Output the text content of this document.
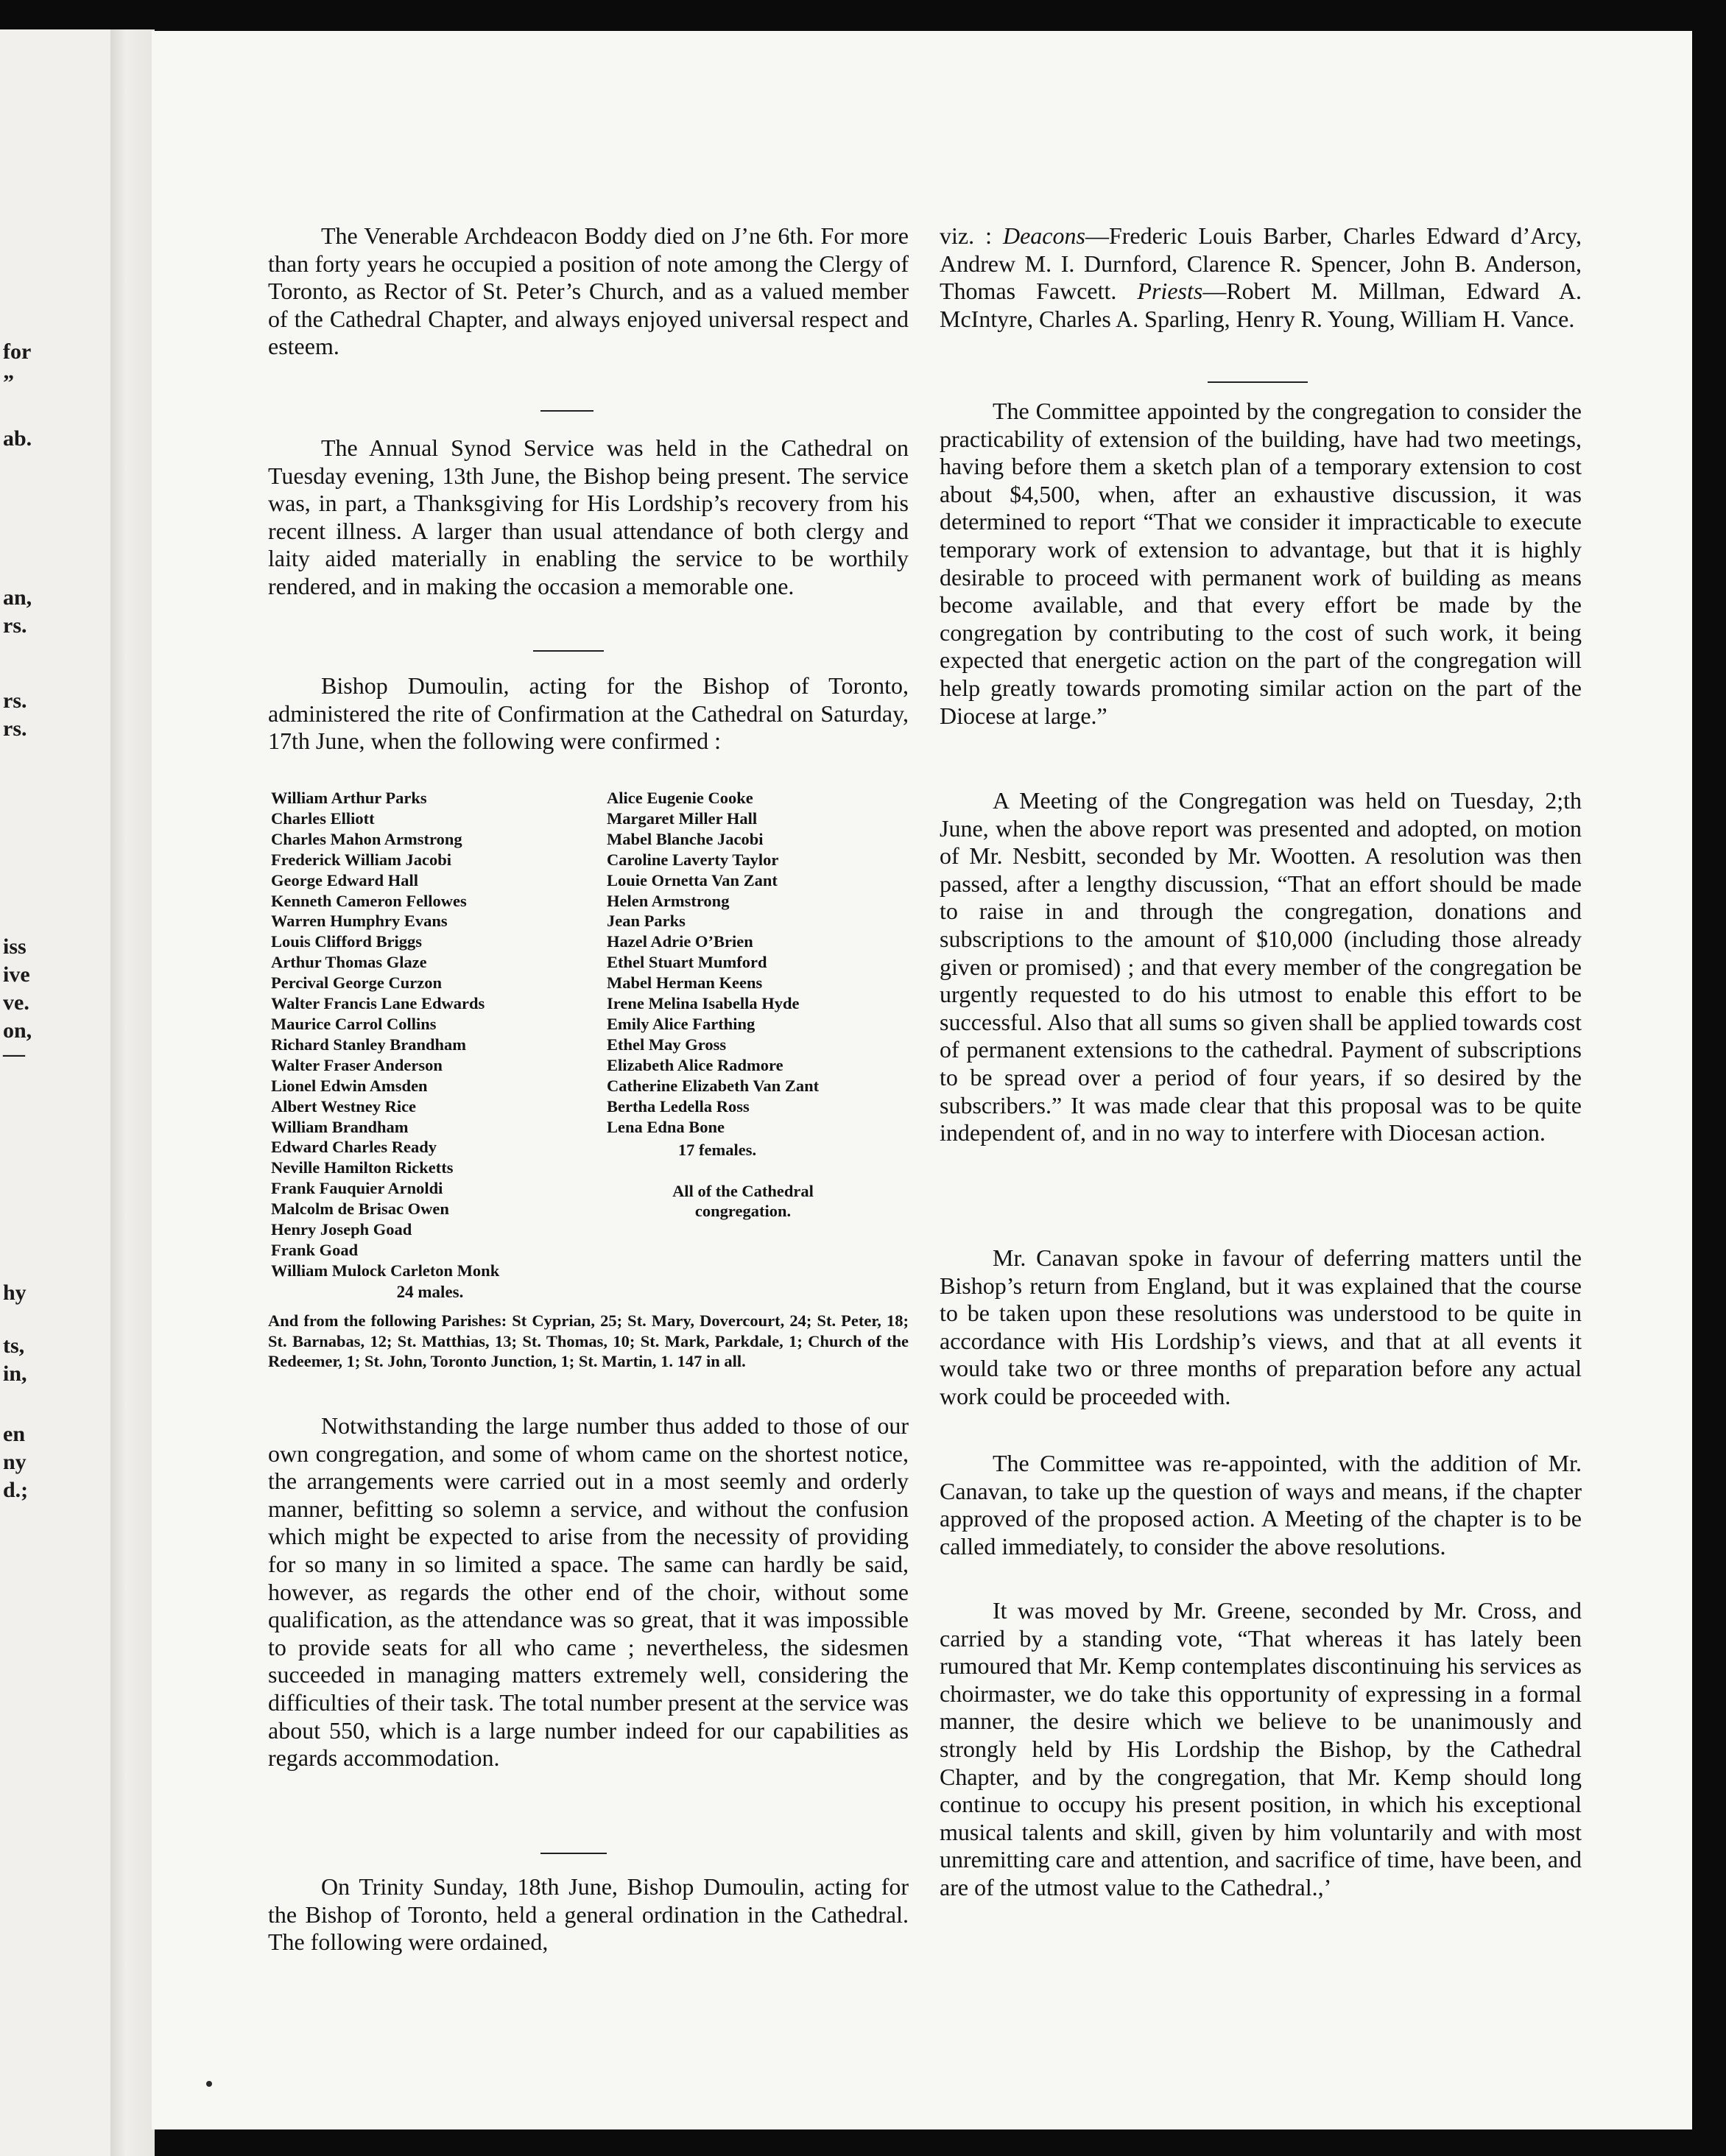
for
”
ab.
an,
rs.
rs.
rs.
iss
ive
ve.
on,
—
hy
ts,
in,
en
ny
d.;

The Venerable Archdeacon Boddy died on J’ne 6th. For more than forty years he occupied a position of note among the Clergy of Toronto, as Rector of St. Peter’s Church, and as a valued member of the Cathedral Chapter, and always enjoyed universal respect and esteem.

The Annual Synod Service was held in the Cathedral on Tuesday evening, 13th June, the Bishop being present. The service was, in part, a Thanksgiving for His Lordship’s recovery from his recent illness. A larger than usual attendance of both clergy and laity aided materially in enabling the service to be worthily rendered, and in making the occasion a memorable one.

Bishop Dumoulin, acting for the Bishop of Toronto, administered the rite of Confirmation at the Cathedral on Saturday, 17th June, when the following were confirmed :

William Arthur Parks
Charles Elliott
Charles Mahon Armstrong
Frederick William Jacobi
George Edward Hall
Kenneth Cameron Fellowes
Warren Humphry Evans
Louis Clifford Briggs
Arthur Thomas Glaze
Percival George Curzon
Walter Francis Lane Edwards
Maurice Carrol Collins
Richard Stanley Brandham
Walter Fraser Anderson
Lionel Edwin Amsden
Albert Westney Rice
William Brandham
Edward Charles Ready
Neville Hamilton Ricketts
Frank Fauquier Arnoldi
Malcolm de Brisac Owen
Henry Joseph Goad
Frank Goad
William Mulock Carleton Monk
24 males.
Alice Eugenie Cooke
Margaret Miller Hall
Mabel Blanche Jacobi
Caroline Laverty Taylor
Louie Ornetta Van Zant
Helen Armstrong
Jean Parks
Hazel Adrie O’Brien
Ethel Stuart Mumford
Mabel Herman Keens
Irene Melina Isabella Hyde
Emily Alice Farthing
Ethel May Gross
Elizabeth Alice Radmore
Catherine Elizabeth Van Zant
Bertha Ledella Ross
Lena Edna Bone
17 females.
All of the Cathedral congregation.

And from the following Parishes: St Cyprian, 25; St. Mary, Dovercourt, 24; St. Peter, 18; St. Barnabas, 12; St. Matthias, 13; St. Thomas, 10; St. Mark, Parkdale, 1; Church of the Redeemer, 1; St. John, Toronto Junction, 1; St. Martin, 1. 147 in all.

Notwithstanding the large number thus added to those of our own congregation, and some of whom came on the shortest notice, the arrangements were carried out in a most seemly and orderly manner, befitting so solemn a service, and without the confusion which might be expected to arise from the necessity of providing for so many in so limited a space. The same can hardly be said, however, as regards the other end of the choir, without some qualification, as the attendance was so great, that it was impossible to provide seats for all who came ; nevertheless, the sidesmen succeeded in managing matters extremely well, considering the difficulties of their task. The total number present at the service was about 550, which is a large number indeed for our capabilities as regards accommodation.

On Trinity Sunday, 18th June, Bishop Dumoulin, acting for the Bishop of Toronto, held a general ordination in the Cathedral. The following were ordained,

viz. : Deacons—Frederic Louis Barber, Charles Edward d’Arcy, Andrew M. I. Durnford, Clarence R. Spencer, John B. Anderson, Thomas Fawcett. Priests—Robert M. Millman, Edward A. McIntyre, Charles A. Sparling, Henry R. Young, William H. Vance.

The Committee appointed by the congregation to consider the practicability of extension of the building, have had two meetings, having before them a sketch plan of a temporary extension to cost about $4,500, when, after an exhaustive discussion, it was determined to report “That we consider it impracticable to execute temporary work of extension to advantage, but that it is highly desirable to proceed with permanent work of building as means become available, and that every effort be made by the congregation by contributing to the cost of such work, it being expected that energetic action on the part of the congregation will help greatly towards promoting similar action on the part of the Diocese at large.”

A Meeting of the Congregation was held on Tuesday, 2;th June, when the above report was presented and adopted, on motion of Mr. Nesbitt, seconded by Mr. Wootten. A resolution was then passed, after a lengthy discussion, “That an effort should be made to raise in and through the congregation, donations and subscriptions to the amount of $10,000 (including those already given or promised) ; and that every member of the congregation be urgently requested to do his utmost to enable this effort to be successful. Also that all sums so given shall be applied towards cost of permanent extensions to the cathedral. Payment of subscriptions to be spread over a period of four years, if so desired by the subscribers.” It was made clear that this proposal was to be quite independent of, and in no way to interfere with Diocesan action.

Mr. Canavan spoke in favour of deferring matters until the Bishop’s return from England, but it was explained that the course to be taken upon these resolutions was understood to be quite in accordance with His Lordship’s views, and that at all events it would take two or three months of preparation before any actual work could be proceeded with.

The Committee was re-appointed, with the addition of Mr. Canavan, to take up the question of ways and means, if the chapter approved of the proposed action. A Meeting of the chapter is to be called immediately, to consider the above resolutions.

It was moved by Mr. Greene, seconded by Mr. Cross, and carried by a standing vote, “That whereas it has lately been rumoured that Mr. Kemp contemplates discontinuing his services as choirmaster, we do take this opportunity of expressing in a formal manner, the desire which we believe to be unanimously and strongly held by His Lordship the Bishop, by the Cathedral Chapter, and by the congregation, that Mr. Kemp should long continue to occupy his present position, in which his exceptional musical talents and skill, given by him voluntarily and with most unremitting care and attention, and sacrifice of time, have been, and are of the utmost value to the Cathedral.,’
